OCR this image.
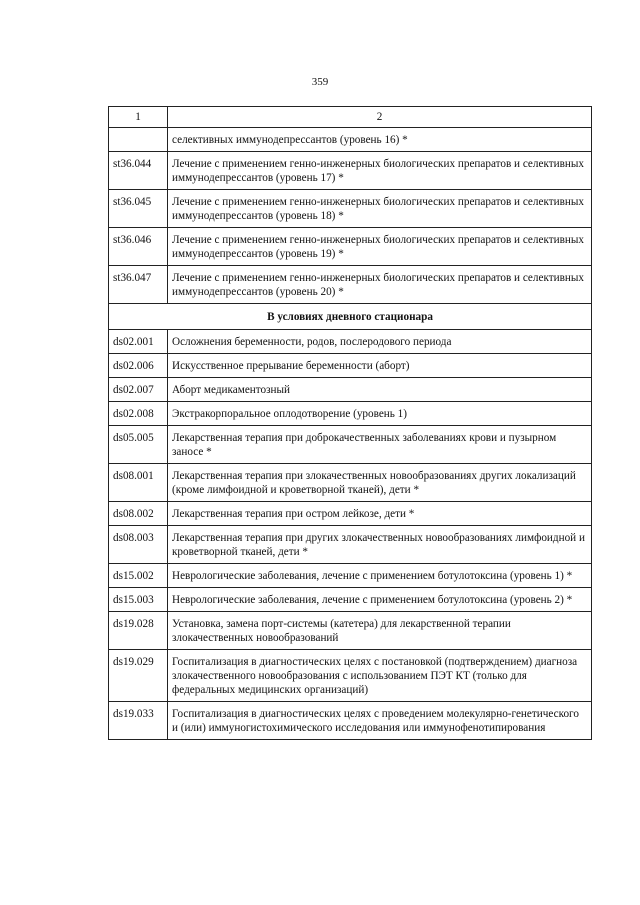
359
1	2
	селективных иммунодепрессантов (уровень 16) *
st36.044	Лечение с применением генно-инженерных биологических препаратов и селективных иммунодепрессантов (уровень 17) *
st36.045	Лечение с применением генно-инженерных биологических препаратов и селективных иммунодепрессантов (уровень 18) *
st36.046	Лечение с применением генно-инженерных биологических препаратов и селективных иммунодепрессантов (уровень 19) *
st36.047	Лечение с применением генно-инженерных биологических препаратов и селективных иммунодепрессантов (уровень 20) *
В условиях дневного стационара	
ds02.001	Осложнения беременности, родов, послеродового периода
ds02.006	Искусственное прерывание беременности (аборт)
ds02.007	Аборт медикаментозный
ds02.008	Экстракорпоральное оплодотворение (уровень 1)
ds05.005	Лекарственная терапия при доброкачественных заболеваниях крови и пузырном заносе *
ds08.001	Лекарственная терапия при злокачественных новообразованиях других локализаций (кроме лимфоидной и кроветворной тканей), дети *
ds08.002	Лекарственная терапия при остром лейкозе, дети *
ds08.003	Лекарственная терапия при других злокачественных новообразованиях лимфоидной и кроветворной тканей, дети *
ds15.002	Неврологические заболевания, лечение с применением ботулотоксина (уровень 1) *
ds15.003	Неврологические заболевания, лечение с применением ботулотоксина (уровень 2) *
ds19.028	Установка, замена порт-системы (катетера) для лекарственной терапии злокачественных новообразований
ds19.029	Госпитализация в диагностических целях с постановкой (подтверждением) диагноза злокачественного новообразования с использованием ПЭТ КТ (только для федеральных медицинских организаций)
ds19.033	Госпитализация в диагностических целях с проведением молекулярно-генетического и (или) иммуногистохимического исследования или иммунофенотипирования
